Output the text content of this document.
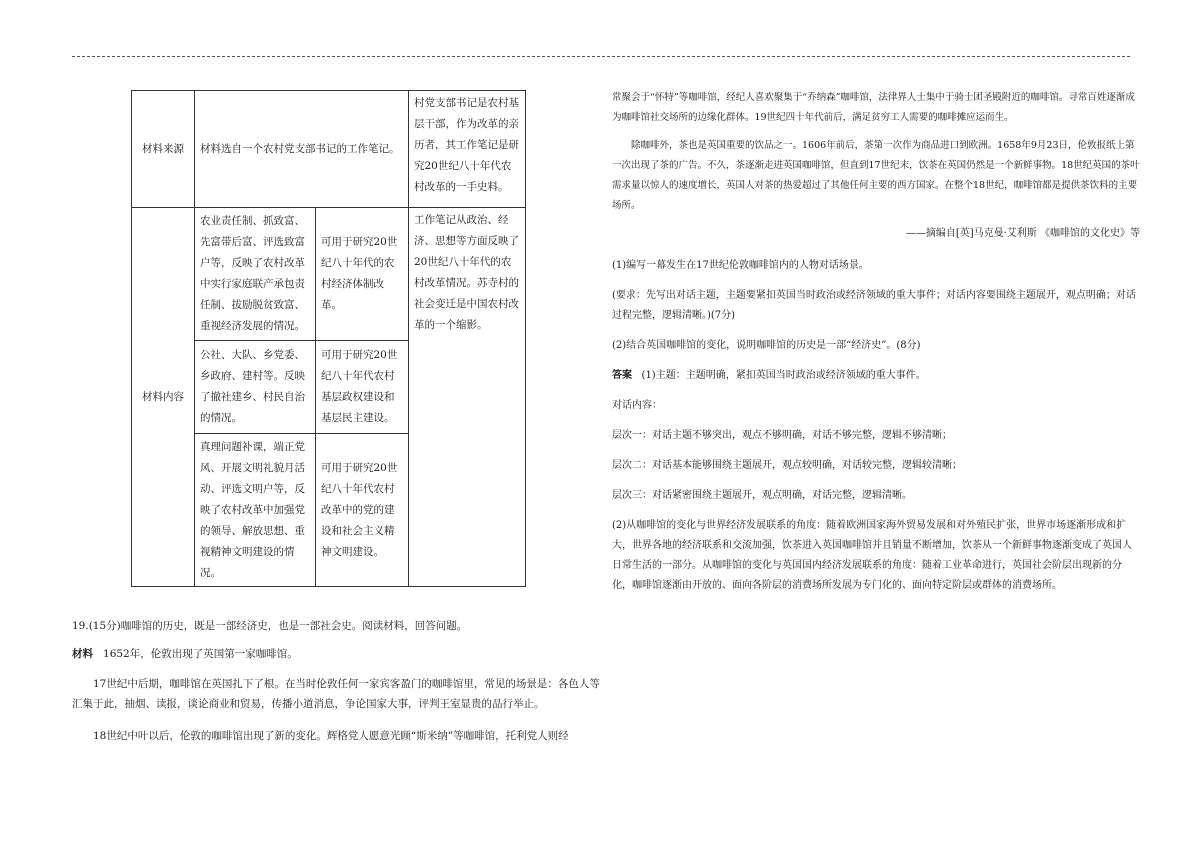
材料来源	材料选自一个农村党支部书记的工作笔记。		村党支部书记是农村基层干部，作为改革的亲历者，其工作笔记是研究20世纪八十年代农村改革的一手史料。
材料内容	农业责任制、抓致富、先富带后富、评选致富户等，反映了农村改革中实行家庭联产承包责任制、拔励脱贫致富、重视经济发展的情况。	可用于研究20世纪八十年代的农村经济体制改革。	工作笔记从政治、经济、思想等方面反映了20世纪八十年代的农村改革情况。苏寺村的社会变迁是中国农村改革的一个缩影。
	公社、大队、乡党委、乡政府、建村等。反映了撤社建乡、村民自治的情况。	可用于研究20世纪八十年代农村基层政权建设和基层民主建设。	
	真理问题补课，端正党风、开展文明礼貌月活动、评选文明户等，反映了农村改革中加强党的领导、解放思想、重视精神文明建设的情况。	可用于研究20世纪八十年代农村改革中的党的建设和社会主义精神文明建设。	

19.(15分)咖啡馆的历史，既是一部经济史，也是一部社会史。阅读材料，回答问题。

材料 1652年，伦敦出现了英国第一家咖啡馆。

17世纪中后期，咖啡馆在英国扎下了根。在当时伦敦任何一家宾客盈门的咖啡馆里，常见的场景是：各色人等汇集于此，抽烟、读报，谈论商业和贸易，传播小道消息，争论国家大事，评判王室显贵的品行举止。

18世纪中叶以后，伦敦的咖啡馆出现了新的变化。辉格党人愿意光顾“斯米纳”等咖啡馆，托利党人则经

常聚会于“怀特”等咖啡馆，经纪人喜欢聚集于“乔纳森”咖啡馆，法律界人士集中于骑士团圣殿附近的咖啡馆。寻常百姓逐渐成为咖啡馆社交场所的边缘化群体。19世纪四十年代前后，满足贫穷工人需要的咖啡摊应运而生。

除咖啡外，茶也是英国重要的饮品之一。1606年前后，茶第一次作为商品进口到欧洲。1658年9月23日，伦敦报纸上第一次出现了茶的广告。不久，茶逐渐走进英国咖啡馆，但直到17世纪末，饮茶在英国仍然是一个新鲜事物。18世纪英国的茶叶需求量以惊人的速度增长，英国人对茶的热爱超过了其他任何主要的西方国家。在整个18世纪，咖啡馆都是提供茶饮料的主要场所。

——摘编自[英]马克曼·艾利斯 《咖啡馆的文化史》等

(1)编写一幕发生在17世纪伦敦咖啡馆内的人物对话场景。

(要求：先写出对话主题，主题要紧扣英国当时政治或经济领域的重大事件；对话内容要围绕主题展开，观点明确；对话过程完整，逻辑清晰。)(7分)

(2)结合英国咖啡馆的变化，说明咖啡馆的历史是一部“经济史”。(8分)

答案 (1)主题：主题明确，紧扣英国当时政治或经济领域的重大事件。

对话内容：

层次一：对话主题不够突出，观点不够明确，对话不够完整，逻辑不够清晰；

层次二：对话基本能够围绕主题展开，观点较明确，对话较完整，逻辑较清晰；

层次三：对话紧密围绕主题展开，观点明确，对话完整，逻辑清晰。

(2)从咖啡馆的变化与世界经济发展联系的角度：随着欧洲国家海外贸易发展和对外殖民扩张，世界市场逐渐形成和扩大，世界各地的经济联系和交流加强，饮茶进入英国咖啡馆并且销量不断增加，饮茶从一个新鲜事物逐渐变成了英国人日常生活的一部分。从咖啡馆的变化与英国国内经济发展联系的角度：随着工业革命进行，英国社会阶层出现新的分化，咖啡馆逐渐由开放的、面向各阶层的消费场所发展为专门化的、面向特定阶层或群体的消费场所。
